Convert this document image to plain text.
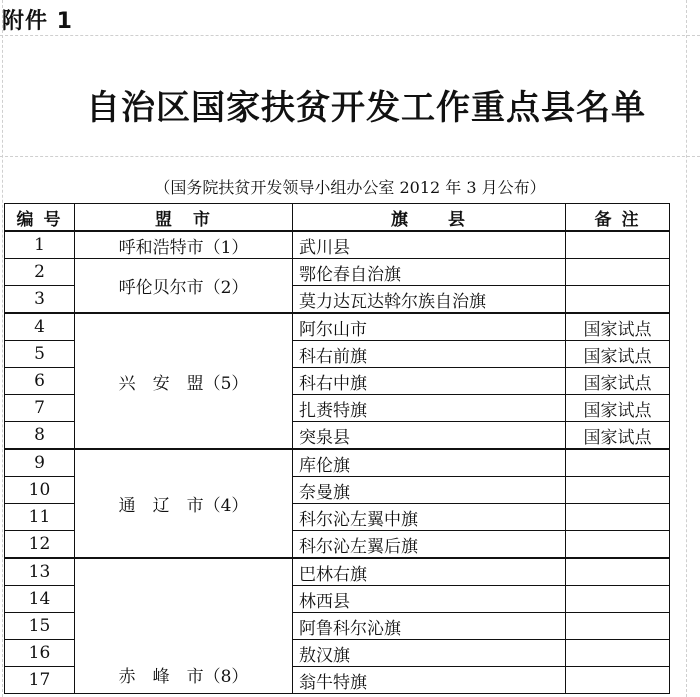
附件 1
自治区国家扶贫开发工作重点县名单
（国务院扶贫开发领导小组办公室 2012 年 3 月公布）
编 号	盟　市	旗　　县	备 注
1	呼和浩特市（1）	武川县	
2	呼伦贝尔市（2）	鄂伦春自治旗	
3		莫力达瓦达斡尔族自治旗	
4	兴　安　盟（5）	阿尔山市	国家试点
5		科右前旗	国家试点
6		科右中旗	国家试点
7		扎赉特旗	国家试点
8		突泉县	国家试点
9	通　辽　市（4）	库伦旗	
10		奈曼旗	
11		科尔沁左翼中旗	
12		科尔沁左翼后旗	
13	赤　峰　市（8）	巴林右旗	
14		林西县	
15		阿鲁科尔沁旗	
16		敖汉旗	
17		翁牛特旗	
